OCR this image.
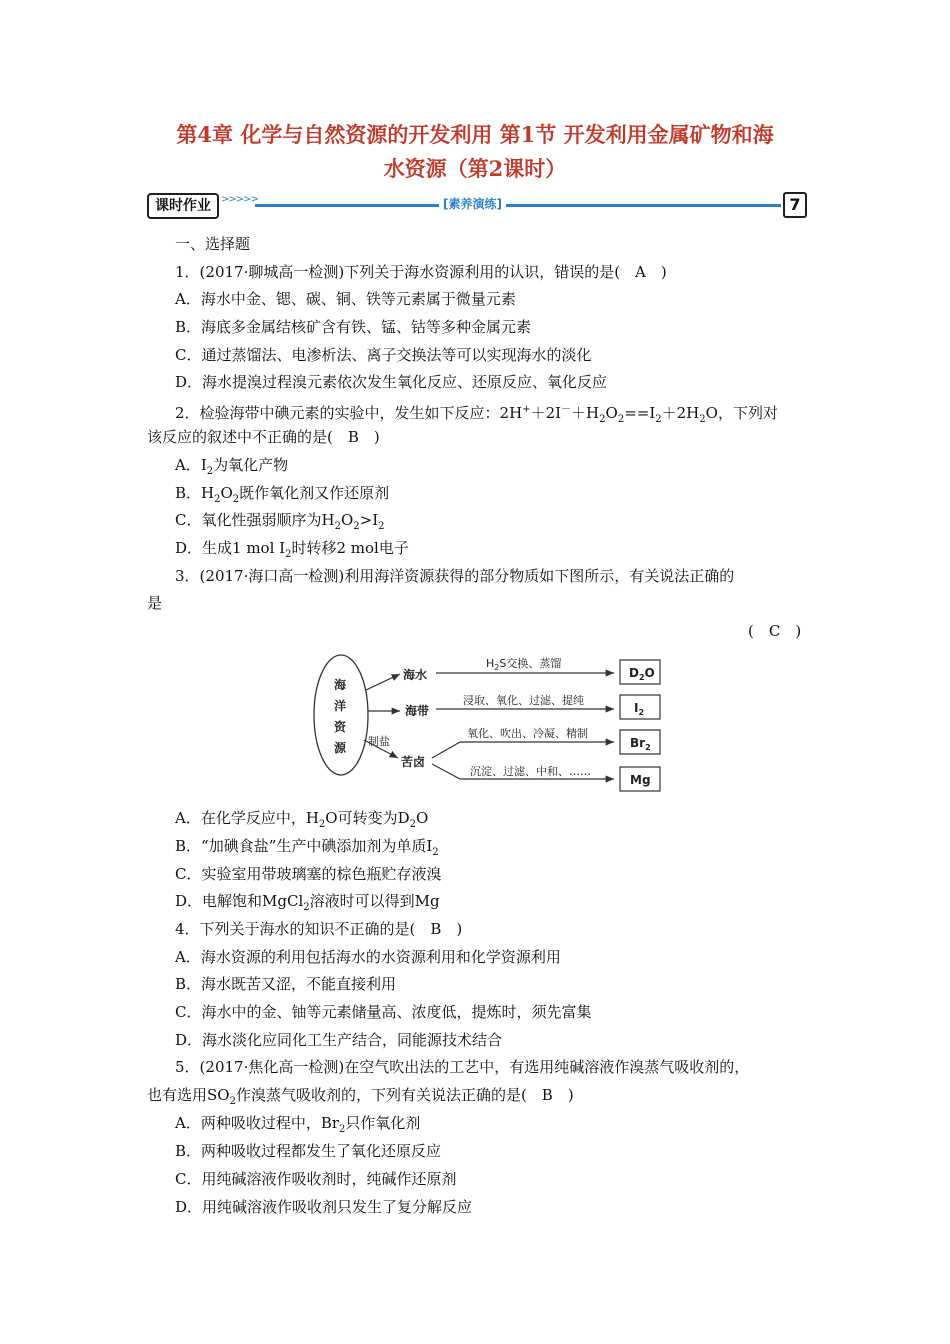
第4章 化学与自然资源的开发利用 第1节 开发利用金属矿物和海
水资源（第2课时）
课时作业	>>>>>	[素养演练]	7
一、选择题
1．(2017·聊城高一检测)下列关于海水资源利用的认识，错误的是(　A　)
A．海水中金、锶、碳、铜、铁等元素属于微量元素
B．海底多金属结核矿含有铁、锰、钴等多种金属元素
C．通过蒸馏法、电渗析法、离子交换法等可以实现海水的淡化
D．海水提溴过程溴元素依次发生氧化反应、还原反应、氧化反应
2．检验海带中碘元素的实验中，发生如下反应：$2H^++2I^-+H_2O_2==I_2+2H_2O$，下列对
该反应的叙述中不正确的是(　B　)
A．$I_2$为氧化产物
B．$H_2O_2$既作氧化剂又作还原剂
C．氧化性强弱顺序为$H_2O_2>I_2$
D．生成1 mol $I_2$时转移2 mol电子
3．(2017·海口高一检测)利用海洋资源获得的部分物质如下图所示，有关说法正确的
是
(　C　)
海
洋
资
源
海水
海带
苦卤
制盐
$H_2S$交换、蒸馏
浸取、氧化、过滤、提纯
氧化、吹出、冷凝、精制
沉淀、过滤、中和、……
$D_2O$
$I_2$
$Br_2$
Mg
A．在化学反应中，$H_2O$可转变为$D_2O$
B．“加碘食盐”生产中碘添加剂为单质$I_2$
C．实验室用带玻璃塞的棕色瓶贮存液溴
D．电解饱和MgCl$_2$溶液时可以得到Mg
4．下列关于海水的知识不正确的是(　B　)
A．海水资源的利用包括海水的水资源利用和化学资源利用
B．海水既苦又涩，不能直接利用
C．海水中的金、铀等元素储量高、浓度低，提炼时，须先富集
D．海水淡化应同化工生产结合，同能源技术结合
5．(2017·焦化高一检测)在空气吹出法的工艺中，有选用纯碱溶液作溴蒸气吸收剂的，
也有选用$SO_2$作溴蒸气吸收剂的，下列有关说法正确的是(　B　)
A．两种吸收过程中，$Br_2$只作氧化剂
B．两种吸收过程都发生了氧化还原反应
C．用纯碱溶液作吸收剂时，纯碱作还原剂
D．用纯碱溶液作吸收剂只发生了复分解反应
